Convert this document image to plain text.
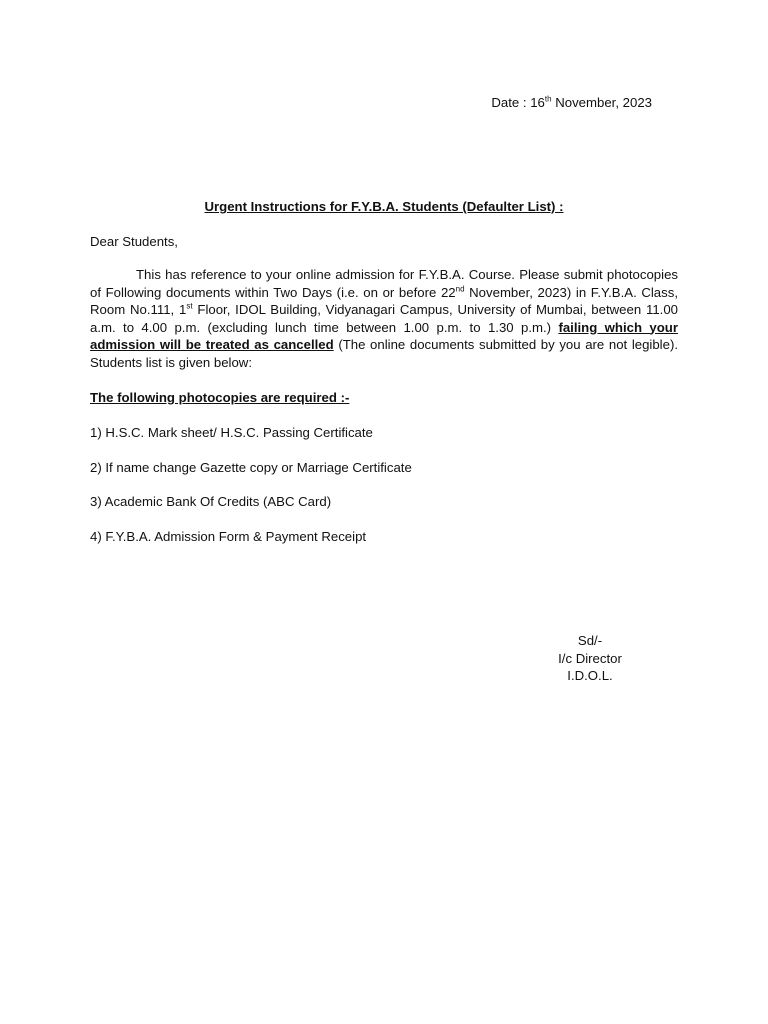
Date : 16th November, 2023
Urgent Instructions for F.Y.B.A. Students (Defaulter List) :
Dear Students,

This has reference to your online admission for F.Y.B.A. Course. Please submit photocopies of Following documents within Two Days (i.e. on or before 22nd November, 2023) in F.Y.B.A. Class, Room No.111, 1st Floor, IDOL Building, Vidyanagari Campus, University of Mumbai, between 11.00 a.m. to 4.00 p.m. (excluding lunch time between 1.00 p.m. to 1.30 p.m.) failing which your admission will be treated as cancelled (The online documents submitted by you are not legible). Students list is given below:

The following photocopies are required :-
1) H.S.C. Mark sheet/ H.S.C. Passing Certificate
2) If name change Gazette copy or Marriage Certificate
3) Academic Bank Of Credits (ABC Card)
4) F.Y.B.A. Admission Form & Payment Receipt
Sd/-
I/c Director
I.D.O.L.
